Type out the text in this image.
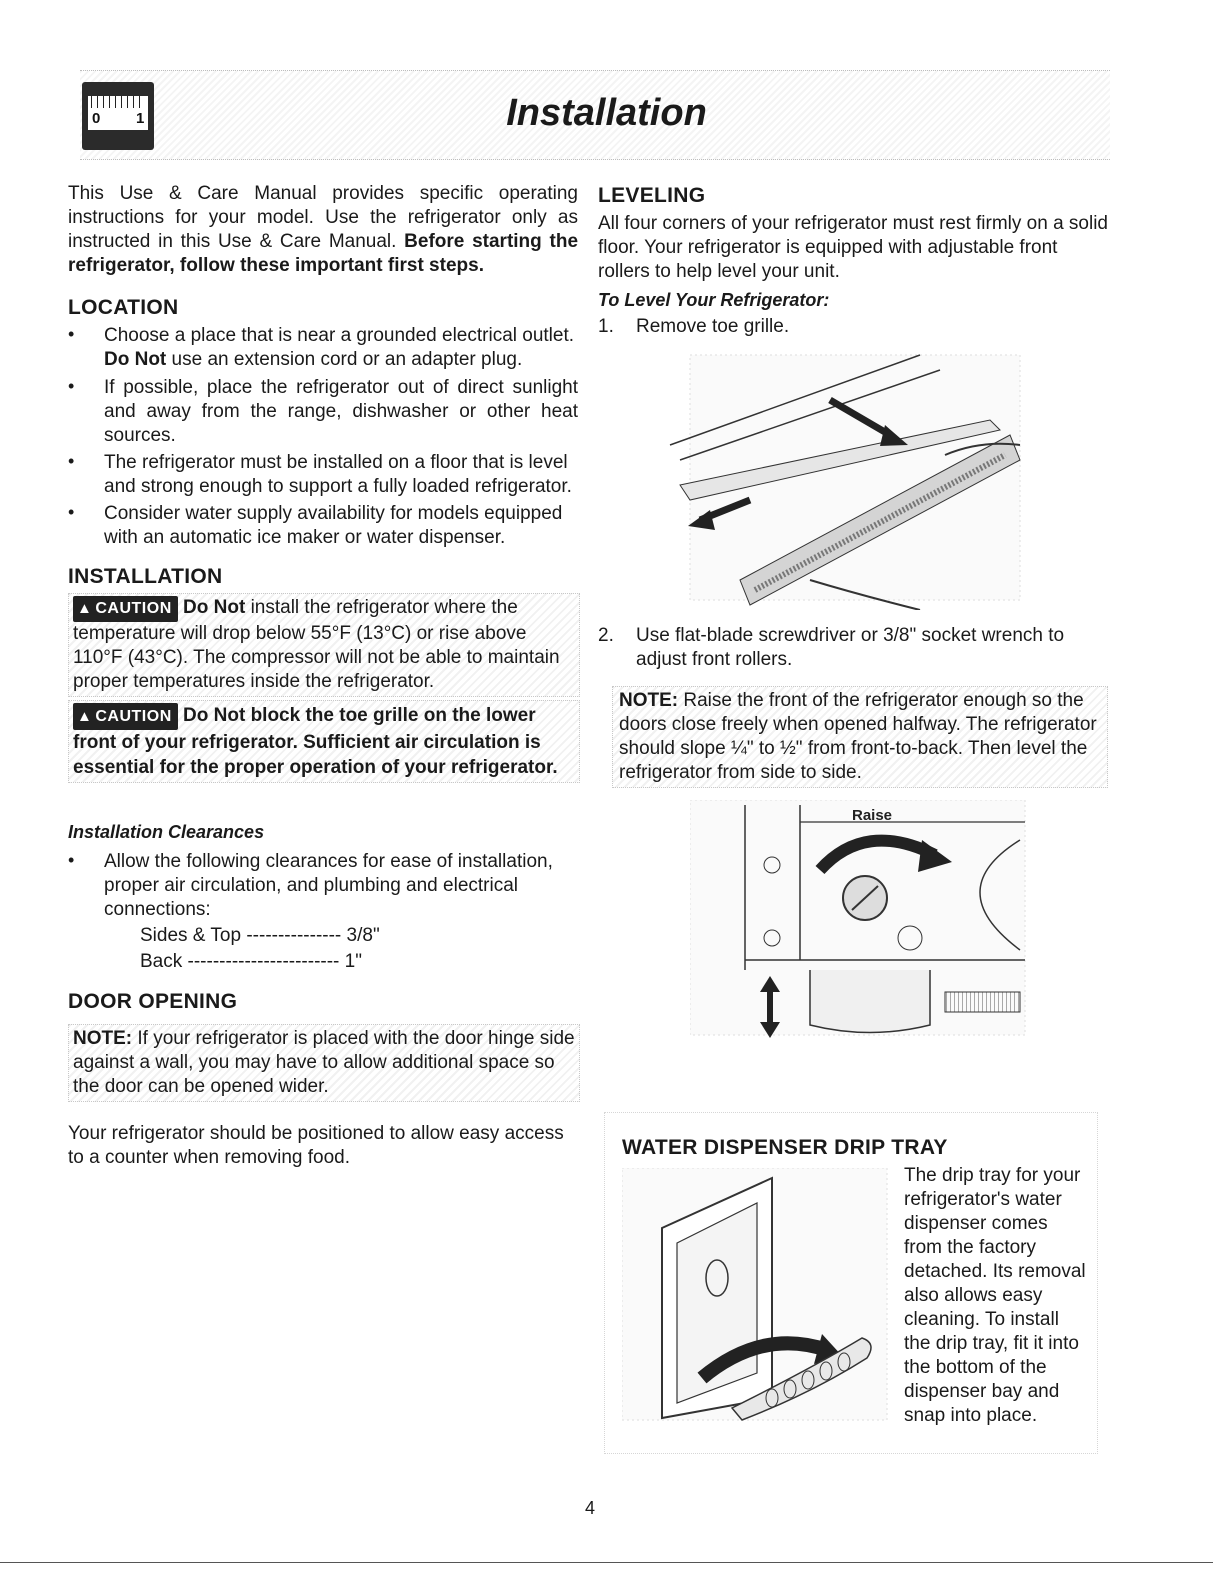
0 1	Installation
This Use & Care Manual provides specific operating instructions for your model. Use the refrigerator only as instructed in this Use & Care Manual. Before starting the refrigerator, follow these important first steps.
LOCATION
• Choose a place that is near a grounded electrical outlet. Do Not use an extension cord or an adapter plug.
• If possible, place the refrigerator out of direct sunlight and away from the range, dishwasher or other heat sources.
• The refrigerator must be installed on a floor that is level and strong enough to support a fully loaded refrigerator.
• Consider water supply availability for models equipped with an automatic ice maker or water dispenser.
INSTALLATION
▲ CAUTION Do Not install the refrigerator where the temperature will drop below 55°F (13°C) or rise above 110°F (43°C). The compressor will not be able to maintain proper temperatures inside the refrigerator.
▲ CAUTION Do Not block the toe grille on the lower front of your refrigerator. Sufficient air circulation is essential for the proper operation of your refrigerator.
Installation Clearances
• Allow the following clearances for ease of installation, proper air circulation, and plumbing and electrical connections:
Sides & Top --------------- 3/8"
Back ------------------------ 1"
DOOR OPENING
NOTE: If your refrigerator is placed with the door hinge side against a wall, you may have to allow additional space so the door can be opened wider.
Your refrigerator should be positioned to allow easy access to a counter when removing food.
LEVELING
All four corners of your refrigerator must rest firmly on a solid floor. Your refrigerator is equipped with adjustable front rollers to help level your unit.
To Level Your Refrigerator:
1. Remove toe grille.
2. Use flat-blade screwdriver or 3/8" socket wrench to adjust front rollers.
NOTE: Raise the front of the refrigerator enough so the doors close freely when opened halfway. The refrigerator should slope ¼" to ½" from front-to-back. Then level the refrigerator from side to side.
Raise
WATER DISPENSER DRIP TRAY
The drip tray for your refrigerator's water dispenser comes from the factory detached. Its removal also allows easy cleaning. To install the drip tray, fit it into the bottom of the dispenser bay and snap into place.
4
